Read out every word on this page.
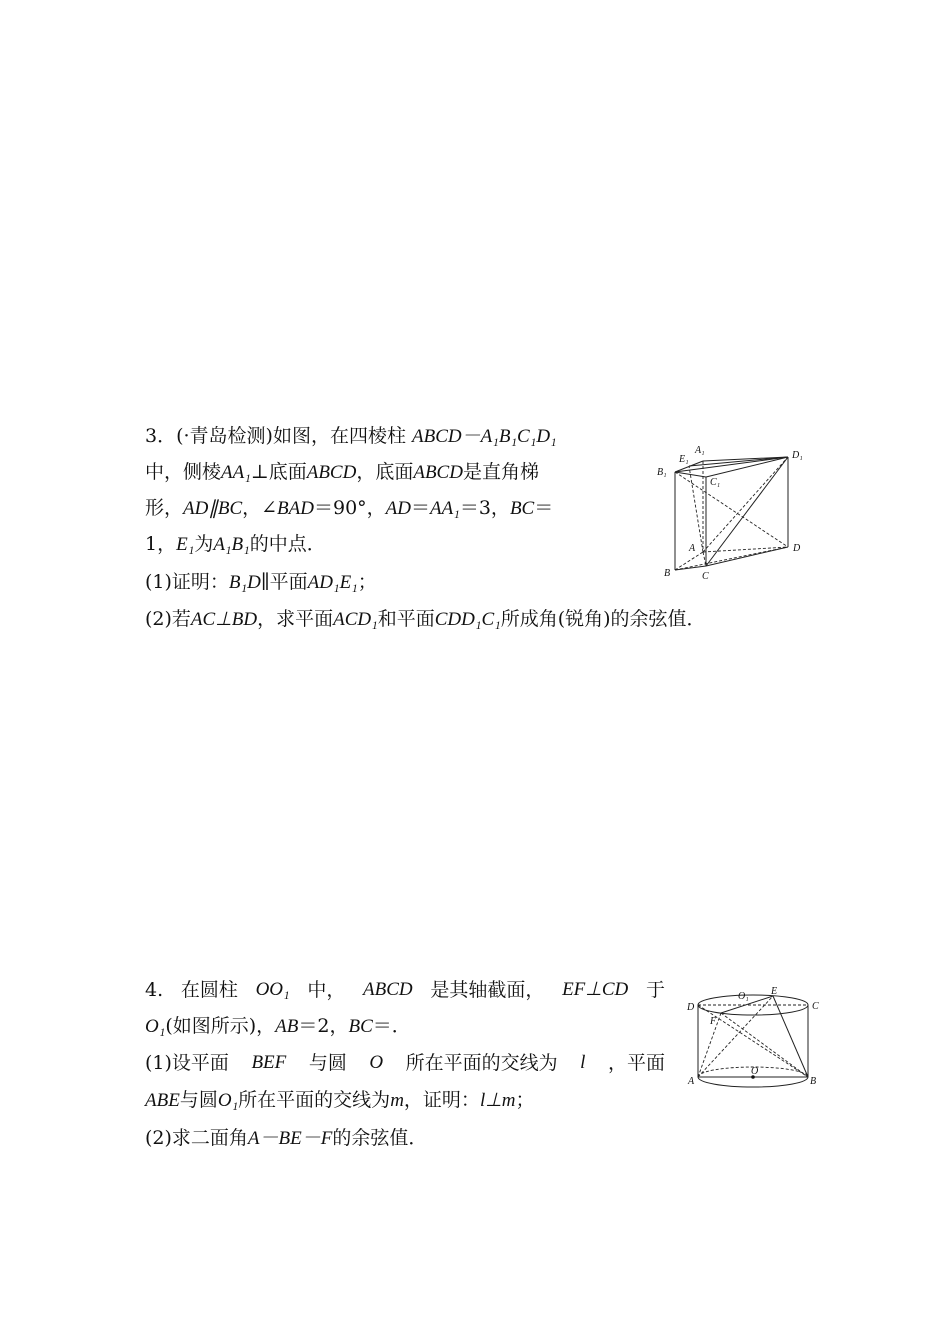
3．(·青岛检测)如图，在四棱柱 ABCD－A₁B₁C₁D₁
中，侧棱AA₁⊥底面ABCD，底面ABCD是直角梯
形，AD∥BC，∠BAD＝90°，AD＝AA₁＝3，BC＝
1，E₁为A₁B₁的中点．
(1)证明：B₁D∥平面AD₁E₁；
(2)若AC⊥BD，求平面ACD₁和平面CDD₁C₁所成角(锐角)的余弦值．
A₁
E₁
B₁
C₁
D₁
A
B	C
D
4. 在圆柱 OO₁ 中， ABCD 是其轴截面， EF⊥CD 于
O₁(如图所示)，AB＝2，BC＝．
(1)设平面 BEF 与圆 O 所在平面的交线为 l ，平面
ABE与圆O₁所在平面的交线为m，证明：l⊥m；
(2)求二面角A－BE－F的余弦值．
O₁ E
D	C
F
O
A	B
